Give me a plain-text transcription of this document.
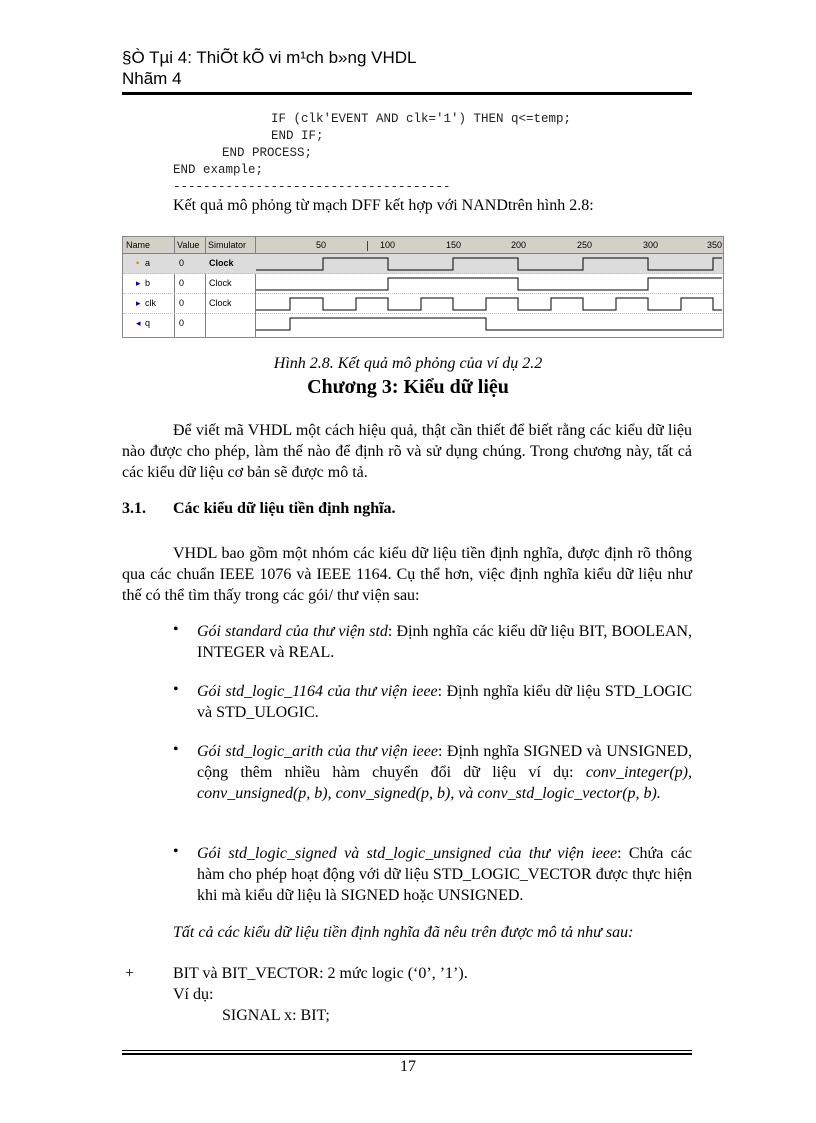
§Ò Tµi 4: ThiÕt kÕ vi m¹ch b»ng VHDL
Nhãm 4
IF (clk'EVENT AND clk='1') THEN q<=temp;
END IF;
END PROCESS;
END example;
-------------------------------------
Kết quả mô phỏng từ mạch DFF kết hợp với NANDtrên hình 2.8:
Name	Value Simulator	50	100	150	200	250	300	350
• a	0	Clock
▸ b	0	Clock
▸ clk	0	Clock
◂ q	0
Hình 2.8. Kết quả mô phỏng của ví dụ 2.2
Chương 3: Kiểu dữ liệu
Để viết mã VHDL một cách hiệu quả, thật cần thiết để biết rằng các kiểu dữ liệu nào được cho phép, làm thế nào để định rõ và sử dụng chúng. Trong chương này, tất cả các kiểu dữ liệu cơ bản sẽ được mô tả.
3.1. Các kiểu dữ liệu tiền định nghĩa.
VHDL bao gồm một nhóm các kiểu dữ liệu tiền định nghĩa, được định rõ thông qua các chuẩn IEEE 1076 và IEEE 1164. Cụ thể hơn, việc định nghĩa kiểu dữ liệu như thế có thể tìm thấy trong các gói/ thư viện sau:
• Gói standard của thư viện std: Định nghĩa các kiểu dữ liệu BIT, BOOLEAN, INTEGER và REAL.
• Gói std_logic_1164 của thư viện ieee: Định nghĩa kiểu dữ liệu STD_LOGIC và STD_ULOGIC.
• Gói std_logic_arith của thư viện ieee: Định nghĩa SIGNED và UNSIGNED, cộng thêm nhiều hàm chuyển đổi dữ liệu ví dụ: conv_integer(p), conv_unsigned(p, b), conv_signed(p, b), và conv_std_logic_vector(p, b).
• Gói std_logic_signed và std_logic_unsigned của thư viện ieee: Chứa các hàm cho phép hoạt động với dữ liệu STD_LOGIC_VECTOR được thực hiện khi mà kiểu dữ liệu là SIGNED hoặc UNSIGNED.
Tất cả các kiểu dữ liệu tiền định nghĩa đã nêu trên được mô tả như sau:
+ BIT và BIT_VECTOR: 2 mức logic (‘0’, ’1’).
Ví dụ:
SIGNAL x: BIT;
17
